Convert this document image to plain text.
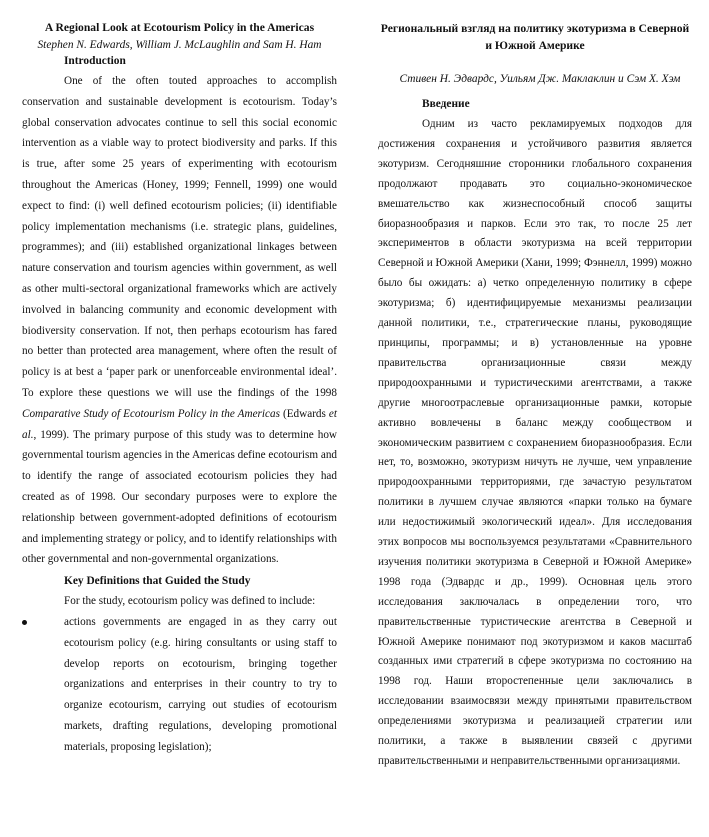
A Regional Look at Ecotourism Policy in the Americas

Stephen N. Edwards, William J. McLaughlin and Sam H. Ham

Introduction

One of the often touted approaches to accomplish conservation and sustainable development is ecotourism. Today’s global conservation advocates continue to sell this social economic intervention as a viable way to protect biodiversity and parks. If this is true, after some 25 years of experimenting with ecotourism throughout the Americas (Honey, 1999; Fennell, 1999) one would expect to find: (i) well defined ecotourism policies; (ii) identifiable policy implementation mechanisms (i.e. strategic plans, guidelines, programmes); and (iii) established organizational linkages between nature conservation and tourism agencies within government, as well as other multi-sectoral organizational frameworks which are actively involved in balancing community and economic development with biodiversity conservation. If not, then perhaps ecotourism has fared no better than protected area management, where often the result of policy is at best a ‘paper park or unenforceable environmental ideal’. To explore these questions we will use the findings of the 1998 Comparative Study of Ecotourism Policy in the Americas (Edwards et al., 1999). The primary purpose of this study was to determine how governmental tourism agencies in the Americas define ecotourism and to identify the range of associated ecotourism policies they had created as of 1998. Our secondary purposes were to explore the relationship between government-adopted definitions of ecotourism and implementing strategy or policy, and to identify relationships with other governmental and non-governmental organizations.

Key Definitions that Guided the Study

For the study, ecotourism policy was defined to include:

actions governments are engaged in as they carry out ecotourism policy (e.g. hiring consultants or using staff to develop reports on ecotourism, bringing together organizations and enterprises in their country to try to organize ecotourism, carrying out studies of ecotourism markets, drafting regulations, developing promotional materials, proposing legislation);

Региональный взгляд на политику экотуризма в Северной и Южной Америке

Стивен Н. Эдвардс, Уильям Дж. Маклаклин и Сэм Х. Хэм

Введение

Одним из часто рекламируемых подходов для достижения сохранения и устойчивого развития является экотуризм. Сегодняшние сторонники глобального сохранения продолжают продавать это социально-экономическое вмешательство как жизнеспособный способ защиты биоразнообразия и парков. Если это так, то после 25 лет экспериментов в области экотуризма на всей территории Северной и Южной Америки (Хани, 1999; Фэннелл, 1999) можно было бы ожидать: а) четко определенную политику в сфере экотуризма; б) идентифицируемые механизмы реализации данной политики, т.е., стратегические планы, руководящие принципы, программы; и в) установленные на уровне правительства организационные связи между природоохранными и туристическими агентствами, а также другие многоотраслевые организационные рамки, которые активно вовлечены в баланс между сообществом и экономическим развитием с сохранением биоразнообразия. Если нет, то, возможно, экотуризм ничуть не лучше, чем управление природоохранными территориями, где зачастую результатом политики в лучшем случае являются «парки только на бумаге или недостижимый экологический идеал». Для исследования этих вопросов мы воспользуемся результатами «Сравнительного изучения политики экотуризма в Северной и Южной Америке» 1998 года (Эдвардс и др., 1999). Основная цель этого исследования заключалась в определении того, что правительственные туристические агентства в Северной и Южной Америке понимают под экотуризмом и каков масштаб созданных ими стратегий в сфере экотуризма по состоянию на 1998 год. Наши второстепенные цели заключались в исследовании взаимосвязи между принятыми правительством определениями экотуризма и реализацией стратегии или политики, а также в выявлении связей с другими правительственными и неправительственными организациями.
